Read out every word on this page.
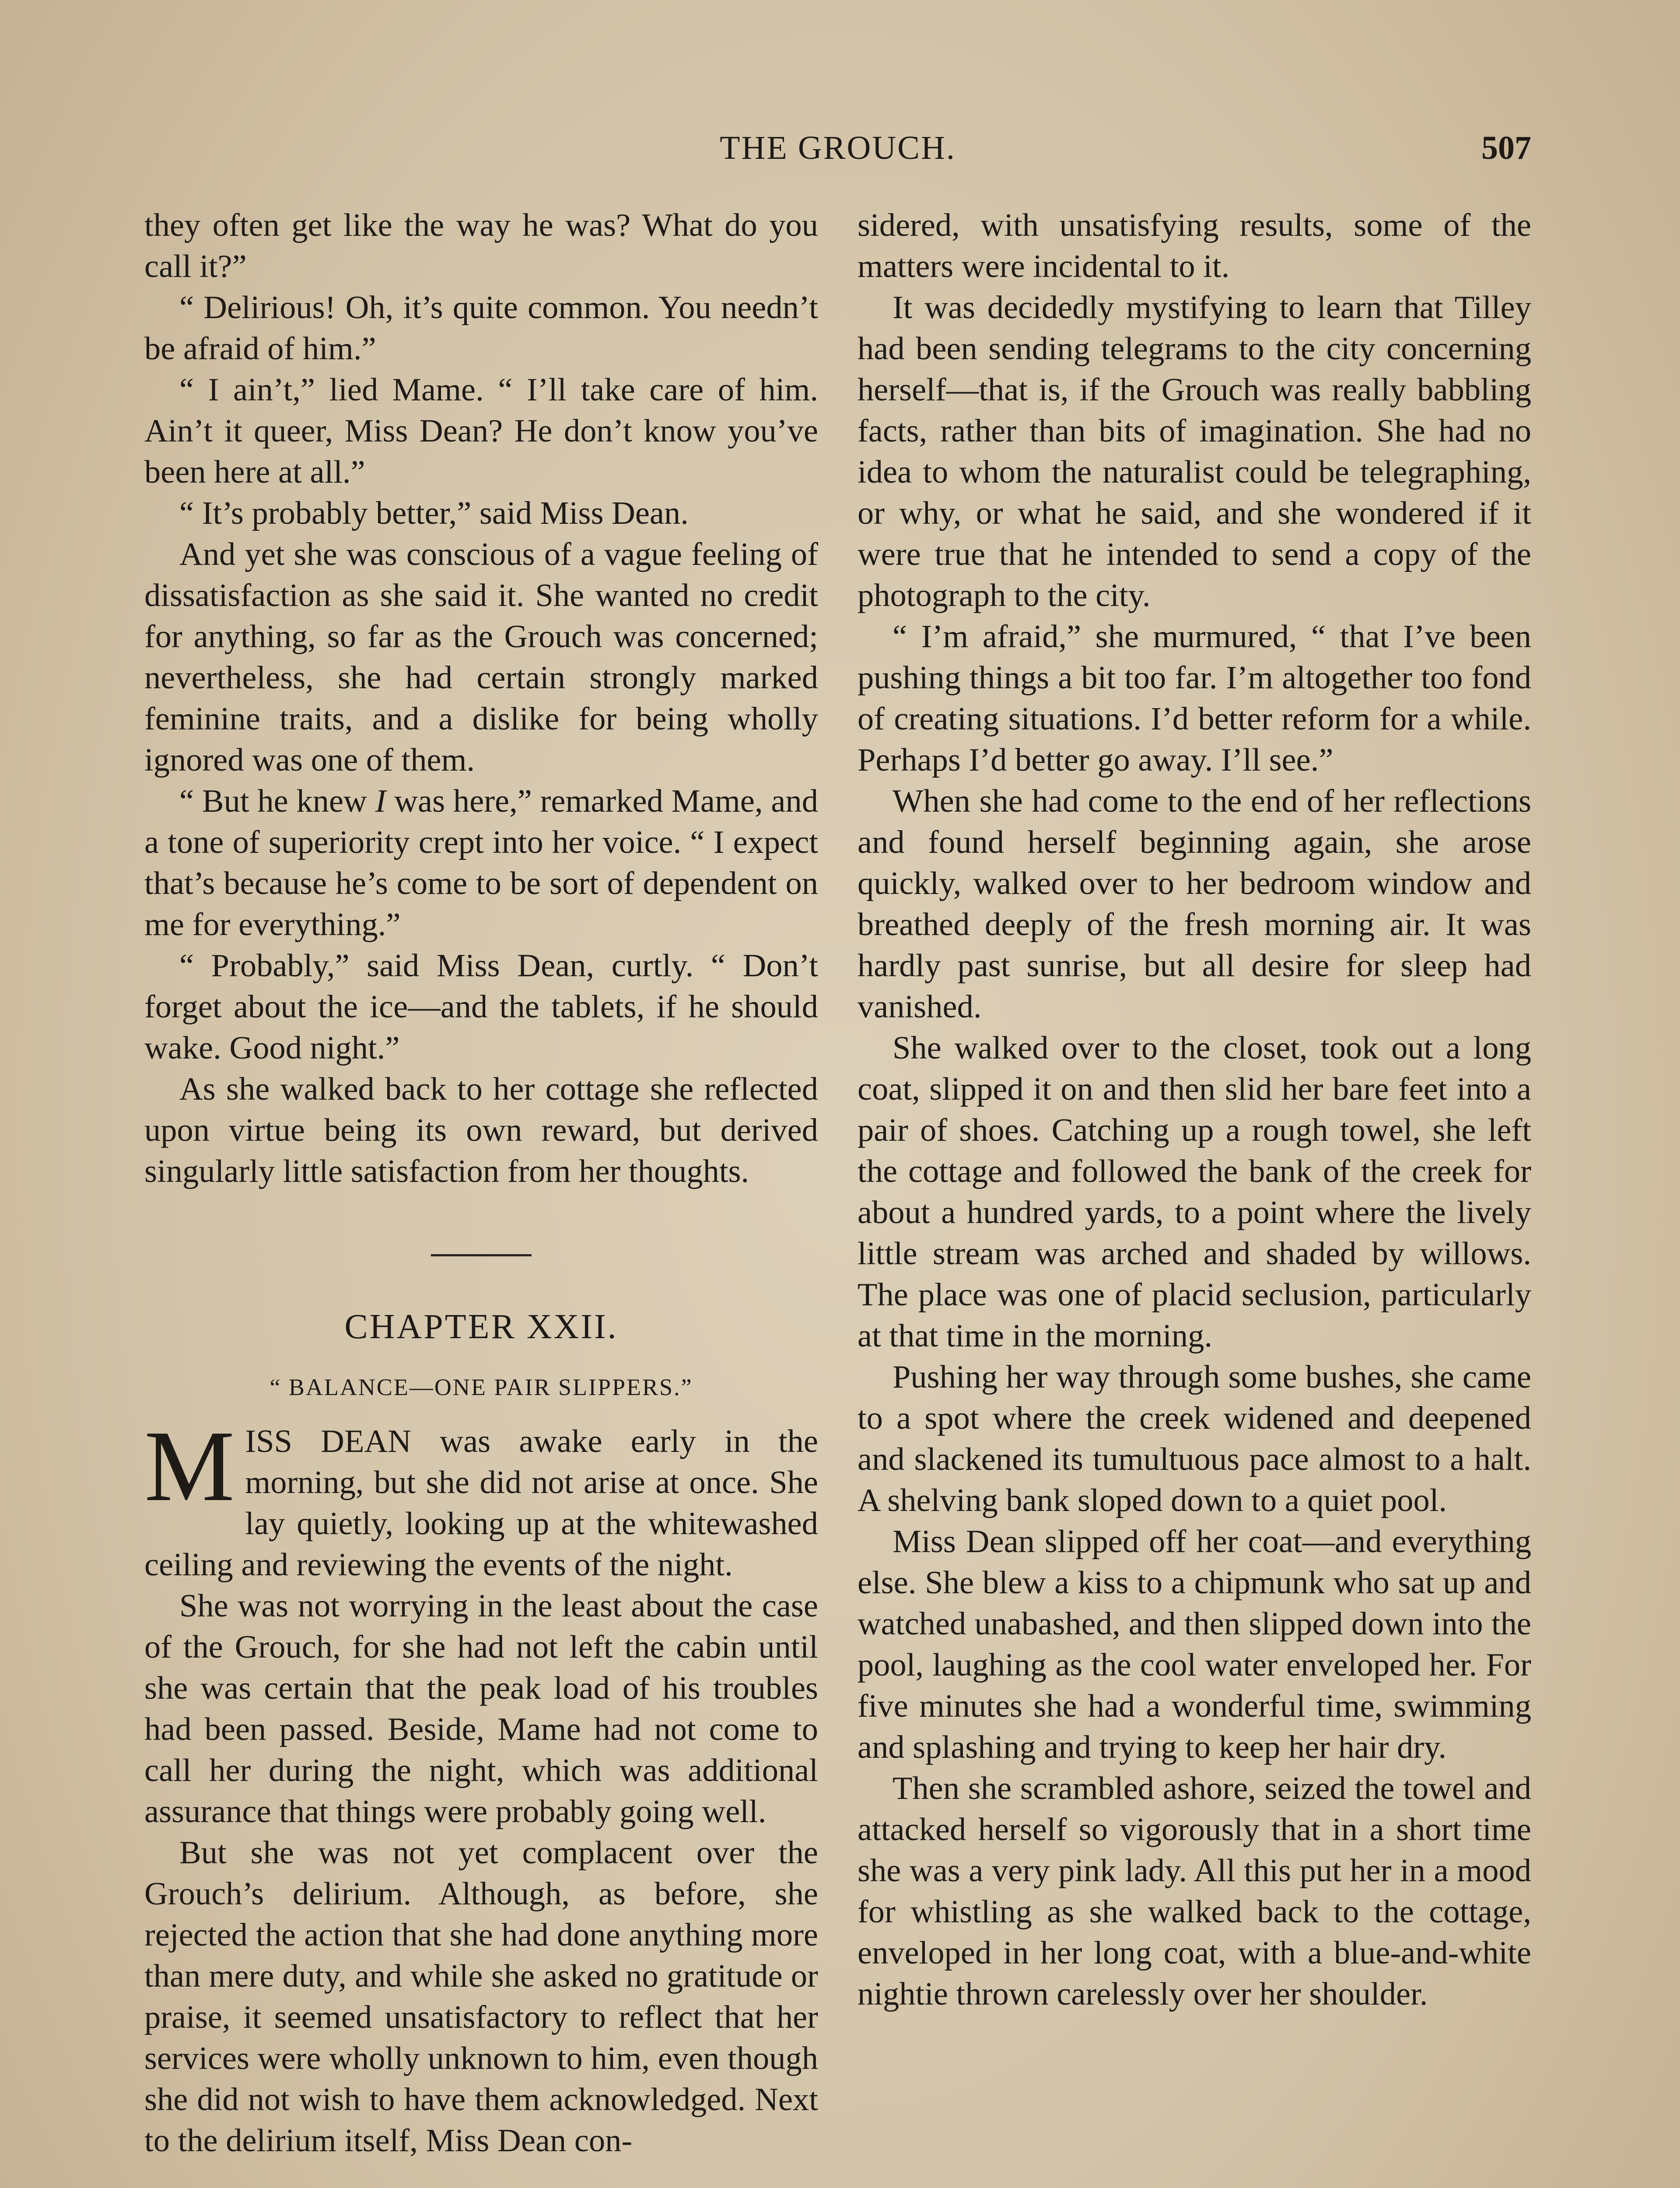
THE GROUCH.	507

they often get like the way he was? What do you call it?”

“ Delirious! Oh, it’s quite common. You needn’t be afraid of him.”

“ I ain’t,” lied Mame. “ I’ll take care of him. Ain’t it queer, Miss Dean? He don’t know you’ve been here at all.”

“ It’s probably better,” said Miss Dean.

And yet she was conscious of a vague feeling of dissatisfaction as she said it. She wanted no credit for anything, so far as the Grouch was concerned; nevertheless, she had certain strongly marked feminine traits, and a dislike for being wholly ignored was one of them.

“ But he knew I was here,” remarked Mame, and a tone of superiority crept into her voice. “ I expect that’s because he’s come to be sort of dependent on me for everything.”

“ Probably,” said Miss Dean, curtly. “ Don’t forget about the ice—and the tablets, if he should wake. Good night.”

As she walked back to her cottage she reflected upon virtue being its own reward, but derived singularly little satisfaction from her thoughts.

CHAPTER XXII.
“ BALANCE—ONE PAIR SLIPPERS.”

MISS DEAN was awake early in the morning, but she did not arise at once. She lay quietly, looking up at the whitewashed ceiling and reviewing the events of the night.

She was not worrying in the least about the case of the Grouch, for she had not left the cabin until she was certain that the peak load of his troubles had been passed. Beside, Mame had not come to call her during the night, which was additional assurance that things were probably going well.

But she was not yet complacent over the Grouch’s delirium. Although, as before, she rejected the action that she had done anything more than mere duty, and while she asked no gratitude or praise, it seemed unsatisfactory to reflect that her services were wholly unknown to him, even though she did not wish to have them acknowledged. Next to the delirium itself, Miss Dean con-

sidered, with unsatisfying results, some of the matters were incidental to it.

It was decidedly mystifying to learn that Tilley had been sending telegrams to the city concerning herself—that is, if the Grouch was really babbling facts, rather than bits of imagination. She had no idea to whom the naturalist could be telegraphing, or why, or what he said, and she wondered if it were true that he intended to send a copy of the photograph to the city.

“ I’m afraid,” she murmured, “ that I’ve been pushing things a bit too far. I’m altogether too fond of creating situations. I’d better reform for a while. Perhaps I’d better go away. I’ll see.”

When she had come to the end of her reflections and found herself beginning again, she arose quickly, walked over to her bedroom window and breathed deeply of the fresh morning air. It was hardly past sunrise, but all desire for sleep had vanished.

She walked over to the closet, took out a long coat, slipped it on and then slid her bare feet into a pair of shoes. Catching up a rough towel, she left the cottage and followed the bank of the creek for about a hundred yards, to a point where the lively little stream was arched and shaded by willows. The place was one of placid seclusion, particularly at that time in the morning.

Pushing her way through some bushes, she came to a spot where the creek widened and deepened and slackened its tumultuous pace almost to a halt. A shelving bank sloped down to a quiet pool.

Miss Dean slipped off her coat—and everything else. She blew a kiss to a chipmunk who sat up and watched unabashed, and then slipped down into the pool, laughing as the cool water enveloped her. For five minutes she had a wonderful time, swimming and splashing and trying to keep her hair dry.

Then she scrambled ashore, seized the towel and attacked herself so vigorously that in a short time she was a very pink lady. All this put her in a mood for whistling as she walked back to the cottage, enveloped in her long coat, with a blue-and-white nightie thrown carelessly over her shoulder.
